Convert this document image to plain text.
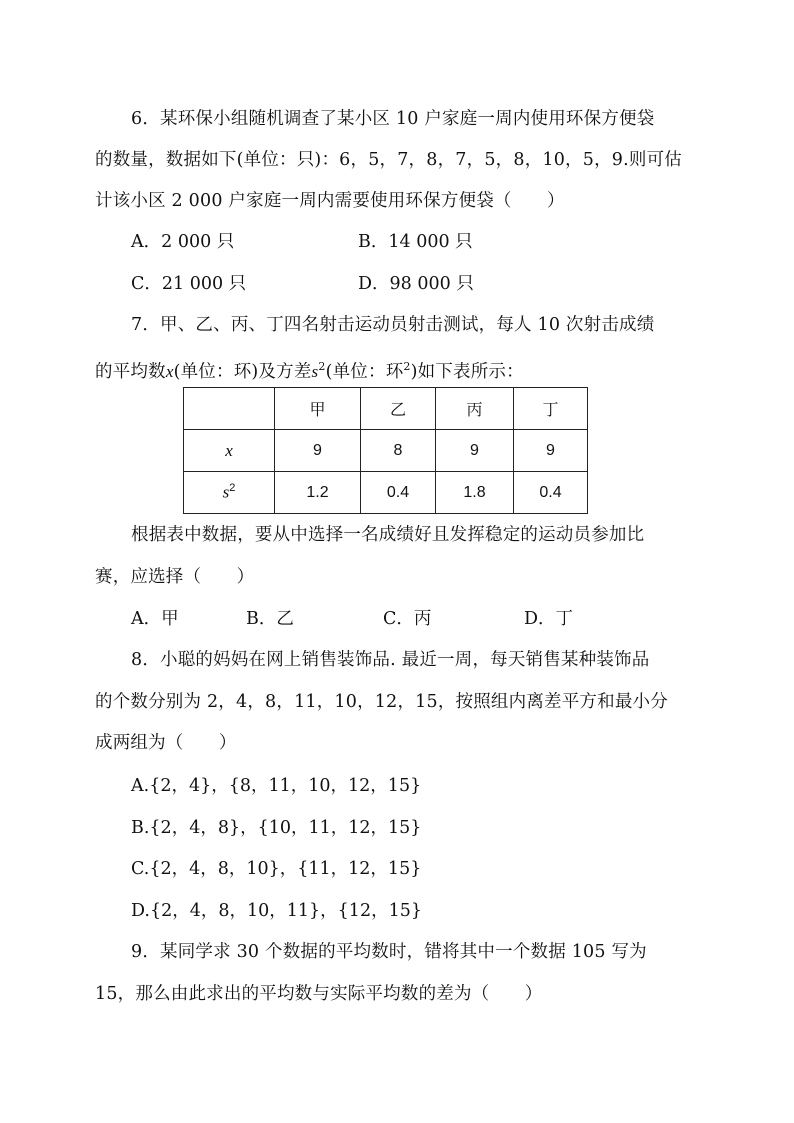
6．某环保小组随机调查了某小区 10 户家庭一周内使用环保方便袋
的数量，数据如下(单位：只)：6，5，7，8，7，5，8，10，5，9.则可估
计该小区 2 000 户家庭一周内需要使用环保方便袋（　　）
A．2 000 只	B．14 000 只
C．21 000 只	D．98 000 只
7．甲、乙、丙、丁四名射击运动员射击测试，每人 10 次射击成绩
的平均数x(单位：环)及方差$s^2$(单位：环$^2$)如下表所示：
	甲	乙	丙	丁
x	9	8	9	9
$s^2$	1.2	0.4	1.8	0.4
根据表中数据，要从中选择一名成绩好且发挥稳定的运动员参加比
赛，应选择（　　）
A．甲	B．乙	C．丙	D．丁
8．小聪的妈妈在网上销售装饰品. 最近一周，每天销售某种装饰品
的个数分别为 2，4，8，11，10，12，15，按照组内离差平方和最小分
成两组为（　　）
A.{2，4}，{8，11，10，12，15}
B.{2，4，8}，{10，11，12，15}
C.{2，4，8，10}，{11，12，15}
D.{2，4，8，10，11}，{12，15}
9．某同学求 30 个数据的平均数时，错将其中一个数据 105 写为
15，那么由此求出的平均数与实际平均数的差为（　　）
